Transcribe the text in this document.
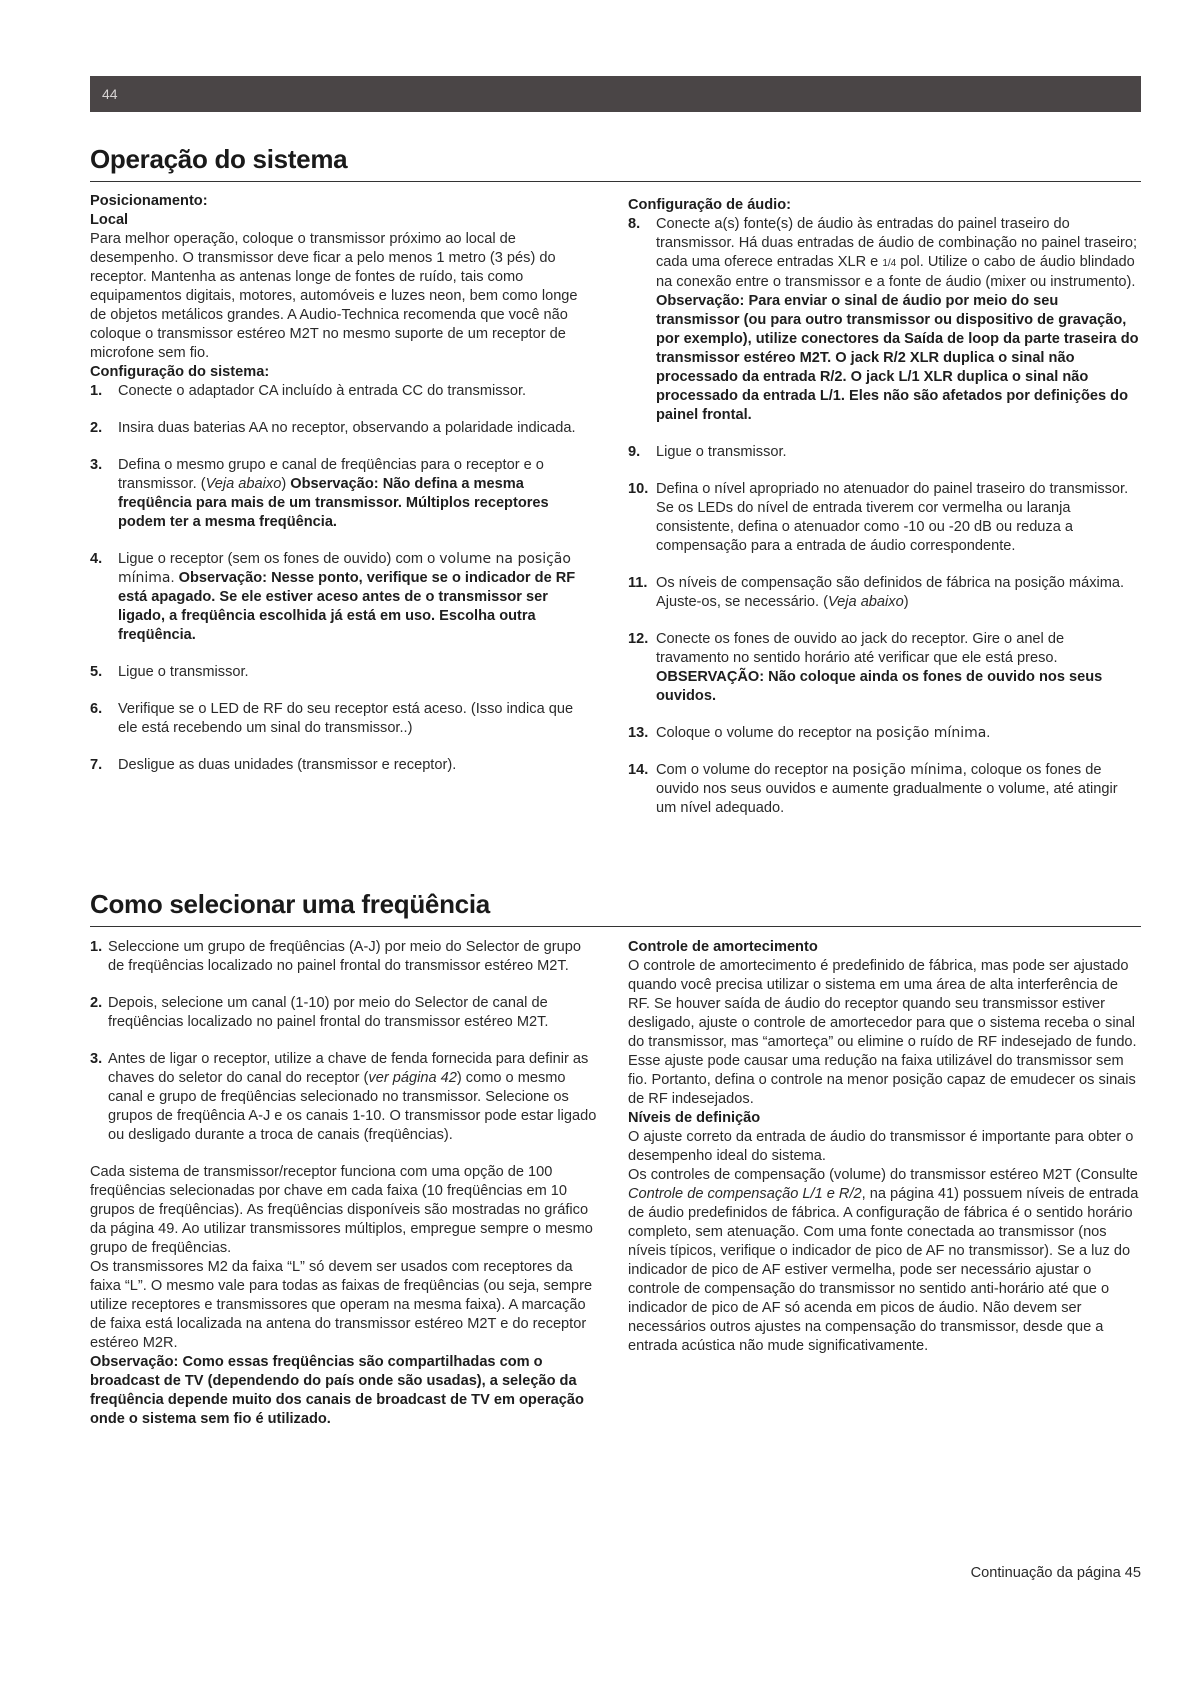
44
Operação do sistema

Posicionamento:

Local

Para melhor operação, coloque o transmissor próximo ao local de desempenho. O transmissor deve ficar a pelo menos 1 metro (3 pés) do receptor. Mantenha as antenas longe de fontes de ruído, tais como equipamentos digitais, motores, automóveis e luzes neon, bem como longe de objetos metálicos grandes. A Audio-Technica recomenda que você não coloque o transmissor estéreo M2T no mesmo suporte de um receptor de microfone sem fio.

Configuração do sistema:

1. Conecte o adaptador CA incluído à entrada CC do transmissor.
2. Insira duas baterias AA no receptor, observando a polaridade indicada.
3. Defina o mesmo grupo e canal de freqüências para o receptor e o transmissor. (Veja abaixo) Observação: Não defina a mesma freqüência para mais de um transmissor. Múltiplos receptores podem ter a mesma freqüência.
4. Ligue o receptor (sem os fones de ouvido) com o volume na posição mínima. Observação: Nesse ponto, verifique se o indicador de RF está apagado. Se ele estiver aceso antes de o transmissor ser ligado, a freqüência escolhida já está em uso. Escolha outra freqüência.
5. Ligue o transmissor.
6. Verifique se o LED de RF do seu receptor está aceso. (Isso indica que ele está recebendo um sinal do transmissor..)
7. Desligue as duas unidades (transmissor e receptor).

Configuração de áudio:

8. Conecte a(s) fonte(s) de áudio às entradas do painel traseiro do transmissor. Há duas entradas de áudio de combinação no painel traseiro; cada uma oferece entradas XLR e 1/4 pol. Utilize o cabo de áudio blindado na conexão entre o transmissor e a fonte de áudio (mixer ou instrumento). Observação: Para enviar o sinal de áudio por meio do seu transmissor (ou para outro transmissor ou dispositivo de gravação, por exemplo), utilize conectores da Saída de loop da parte traseira do transmissor estéreo M2T. O jack R/2 XLR duplica o sinal não processado da entrada R/2. O jack L/1 XLR duplica o sinal não processado da entrada L/1. Eles não são afetados por definições do painel frontal.
9. Ligue o transmissor.
10. Defina o nível apropriado no atenuador do painel traseiro do transmissor. Se os LEDs do nível de entrada tiverem cor vermelha ou laranja consistente, defina o atenuador como -10 ou -20 dB ou reduza a compensação para a entrada de áudio correspondente.
11. Os níveis de compensação são definidos de fábrica na posição máxima. Ajuste-os, se necessário. (Veja abaixo)
12. Conecte os fones de ouvido ao jack do receptor. Gire o anel de travamento no sentido horário até verificar que ele está preso. OBSERVAÇÃO: Não coloque ainda os fones de ouvido nos seus ouvidos.
13. Coloque o volume do receptor na posição mínima.
14. Com o volume do receptor na posição mínima, coloque os fones de ouvido nos seus ouvidos e aumente gradualmente o volume, até atingir um nível adequado.
Como selecionar uma freqüência
1. Seleccione um grupo de freqüências (A-J) por meio do Selector de grupo de freqüências localizado no painel frontal do transmissor estéreo M2T.
2. Depois, selecione um canal (1-10) por meio do Selector de canal de freqüências localizado no painel frontal do transmissor estéreo M2T.
3. Antes de ligar o receptor, utilize a chave de fenda fornecida para definir as chaves do seletor do canal do receptor (ver página 42) como o mesmo canal e grupo de freqüências selecionado no transmissor. Selecione os grupos de freqüência A-J e os canais 1-10. O transmissor pode estar ligado ou desligado durante a troca de canais (freqüências).

Cada sistema de transmissor/receptor funciona com uma opção de 100 freqüências selecionadas por chave em cada faixa (10 freqüências em 10 grupos de freqüências). As freqüências disponíveis são mostradas no gráfico da página 49. Ao utilizar transmissores múltiplos, empregue sempre o mesmo grupo de freqüências.

Os transmissores M2 da faixa “L” só devem ser usados com receptores da faixa “L”. O mesmo vale para todas as faixas de freqüências (ou seja, sempre utilize receptores e transmissores que operam na mesma faixa). A marcação de faixa está localizada na antena do transmissor estéreo M2T e do receptor estéreo M2R.

Observação: Como essas freqüências são compartilhadas com o broadcast de TV (dependendo do país onde são usadas), a seleção da freqüência depende muito dos canais de broadcast de TV em operação onde o sistema sem fio é utilizado.

Controle de amortecimento

O controle de amortecimento é predefinido de fábrica, mas pode ser ajustado quando você precisa utilizar o sistema em uma área de alta interferência de RF. Se houver saída de áudio do receptor quando seu transmissor estiver desligado, ajuste o controle de amortecedor para que o sistema receba o sinal do transmissor, mas “amorteça” ou elimine o ruído de RF indesejado de fundo. Esse ajuste pode causar uma redução na faixa utilizável do transmissor sem fio. Portanto, defina o controle na menor posição capaz de emudecer os sinais de RF indesejados.

Níveis de definição

O ajuste correto da entrada de áudio do transmissor é importante para obter o desempenho ideal do sistema.

Os controles de compensação (volume) do transmissor estéreo M2T (Consulte Controle de compensação L/1 e R/2, na página 41) possuem níveis de entrada de áudio predefinidos de fábrica. A configuração de fábrica é o sentido horário completo, sem atenuação. Com uma fonte conectada ao transmissor (nos níveis típicos, verifique o indicador de pico de AF no transmissor). Se a luz do indicador de pico de AF estiver vermelha, pode ser necessário ajustar o controle de compensação do transmissor no sentido anti-horário até que o indicador de pico de AF só acenda em picos de áudio. Não devem ser necessários outros ajustes na compensação do transmissor, desde que a entrada acústica não mude significativamente.

Continuação da página 45
